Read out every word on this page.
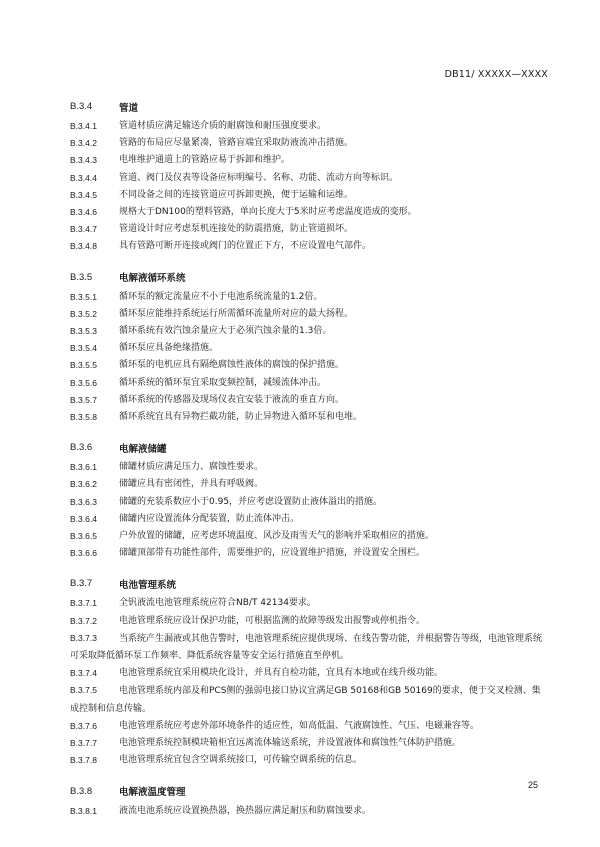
DB11/ XXXXX—XXXX
B.3.4	管道
B.3.4.1	管道材质应满足输送介质的耐腐蚀和耐压强度要求。
B.3.4.2	管路的布局应尽量紧凑，管路盲端宜采取防液流冲击措施。
B.3.4.3	电堆维护通道上的管路应易于拆卸和维护。
B.3.4.4	管道、阀门及仪表等设备应标明编号、名称、功能、流动方向等标识。
B.3.4.5	不同设备之间的连接管道应可拆卸更换，便于运输和运维。
B.3.4.6	规格大于DN100的塑料管路，单向长度大于5米时应考虑温度造成的变形。
B.3.4.7	管道设计时应考虑泵机连接处的防震措施，防止管道损坏。
B.3.4.8	具有管路可断开连接或阀门的位置正下方，不应设置电气部件。
B.3.5	电解液循环系统
B.3.5.1	循环泵的额定流量应不小于电池系统流量的1.2倍。
B.3.5.2	循环泵应能维持系统运行所需循环流量所对应的最大扬程。
B.3.5.3	循环系统有效汽蚀余量应大于必须汽蚀余量的1.3倍。
B.3.5.4	循环泵应具备绝缘措施。
B.3.5.5	循环泵的电机应具有隔绝腐蚀性液体的腐蚀的保护措施。
B.3.5.6	循环系统的循环泵宜采取变频控制，减缓流体冲击。
B.3.5.7	循环系统的传感器及现场仪表宜安装于液流的垂直方向。
B.3.5.8	循环系统宜具有异物拦截功能，防止异物进入循环泵和电堆。
B.3.6	电解液储罐
B.3.6.1	储罐材质应满足压力、腐蚀性要求。
B.3.6.2	储罐应具有密闭性，并具有呼吸阀。
B.3.6.3	储罐的充装系数应小于0.95，并应考虑设置防止液体溢出的措施。
B.3.6.4	储罐内应设置流体分配装置，防止流体冲击。
B.3.6.5	户外放置的储罐，应考虑环境温度、风沙及雨雪天气的影响并采取相应的措施。
B.3.6.6	储罐顶部带有功能性部件，需要维护的，应设置维护措施，并设置安全围栏。
B.3.7	电池管理系统
B.3.7.1	全钒液流电池管理系统应符合NB/T 42134要求。
B.3.7.2	电池管理系统应设计保护功能，可根据监测的故障等级发出报警或停机指令。
B.3.7.3 当系统产生漏液或其他告警时，电池管理系统应提供现场、在线告警功能，并根据警告等级，电池管理系统可采取降低循环泵工作频率、降低系统容量等安全运行措施直至停机。
B.3.7.4	电池管理系统宜采用模块化设计，并具有自检功能，宜具有本地或在线升级功能。
B.3.7.5 电池管理系统内部及和PCS侧的强弱电接口协议宜满足GB 50168和GB 50169的要求，便于交叉检测、集成控制和信息传输。
B.3.7.6	电池管理系统应考虑外部环境条件的适应性，如高低温、气液腐蚀性、气压、电磁兼容等。
B.3.7.7	电池管理系统控制模块箱柜宜远离流体输送系统，并设置液体和腐蚀性气体防护措施。
B.3.7.8	电池管理系统宜包含空调系统接口，可传输空调系统的信息。
B.3.8	电解液温度管理
B.3.8.1	液流电池系统应设置换热器，换热器应满足耐压和防腐蚀要求。
25
